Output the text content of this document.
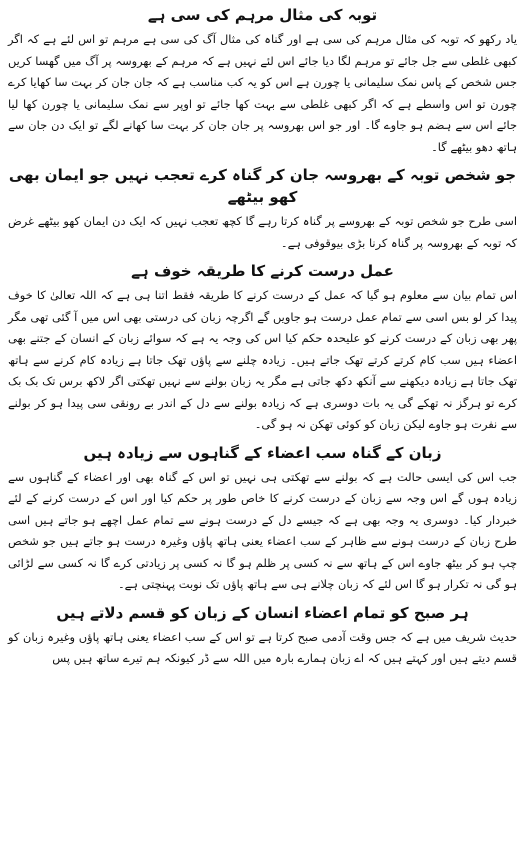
توبہ کی مثال مرہم کی سی ہے

یاد رکھو کہ توبہ کی مثال مرہم کی سی ہے اور گناہ کی مثال آگ کی سی ہے مرہم تو اس لئے ہے کہ اگر کبھی غلطی سے جل جائے تو مرہم لگا دیا جائے اس لئے نہیں ہے کہ مرہم کے بھروسہ پر آگ میں گھسا کریں جس شخص کے پاس نمک سلیمانی یا چورن ہے اس کو یہ کب مناسب ہے کہ جان جان کر بہت سا کھایا کرے چورن تو اس واسطے ہے کہ اگر کبھی غلطی سے بہت کھا جائے تو اوپر سے نمک سلیمانی یا چورن کھا لیا جائے اس سے ہضم ہو جاوے گا۔ اور جو اس بھروسہ پر جان جان کر بہت سا کھانے لگے تو ایک دن جان سے ہاتھ دھو بیٹھے گا۔

جو شخص توبہ کے بھروسہ جان کر گناہ کرے تعجب نہیں جو ایمان بھی کھو بیٹھے

اسی طرح جو شخص توبہ کے بھروسے پر گناہ کرتا رہے گا کچھ تعجب نہیں کہ ایک دن ایمان کھو بیٹھے غرض کہ توبہ کے بھروسہ پر گناہ کرنا بڑی بیوقوفی ہے۔

عمل درست کرنے کا طریقہ خوف ہے

اس تمام بیان سے معلوم ہو گیا کہ عمل کے درست کرنے کا طریقہ فقط اتنا ہی ہے کہ اللہ تعالیٰ کا خوف پیدا کر لو بس اسی سے تمام عمل درست ہو جاویں گے اگرچہ زبان کی درستی بھی اس میں آ گئی تھی مگر پھر بھی زبان کے درست کرنے کو علیحدہ حکم کیا اس کی وجہ یہ ہے کہ سوائے زبان کے انسان کے جتنے بھی اعضاء ہیں سب کام کرتے کرتے تھک جاتے ہیں۔ زیادہ چلنے سے پاؤں تھک جاتا ہے زیادہ کام کرنے سے ہاتھ تھک جاتا ہے زیادہ دیکھنے سے آنکھ دکھ جاتی ہے مگر یہ زبان بولنے سے نہیں تھکتی اگر لاکھ برس تک بک بک کرے تو ہرگز نہ تھکے گی یہ بات دوسری ہے کہ زیادہ بولنے سے دل کے اندر بے رونقی سی پیدا ہو کر بولنے سے نفرت ہو جاوے لیکن زبان کو کوئی تھکن نہ ہو گی۔

زبان کے گناہ سب اعضاء کے گناہوں سے زیادہ ہیں

جب اس کی ایسی حالت ہے کہ بولنے سے تھکتی ہی نہیں تو اس کے گناہ بھی اور اعضاء کے گناہوں سے زیادہ ہوں گے اس وجہ سے زبان کے درست کرنے کا خاص طور پر حکم کیا اور اس کے درست کرنے کے لئے خبردار کیا۔ دوسری یہ وجہ بھی ہے کہ جیسے دل کے درست ہونے سے تمام عمل اچھے ہو جاتے ہیں اسی طرح زبان کے درست ہونے سے ظاہر کے سب اعضاء یعنی ہاتھ پاؤں وغیرہ درست ہو جاتے ہیں جو شخص چپ ہو کر بیٹھ جاوے اس کے ہاتھ سے نہ کسی پر ظلم ہو گا نہ کسی پر زیادتی کرے گا نہ کسی سے لڑائی ہو گی نہ تکرار ہو گا اس لئے کہ زبان چلانے ہی سے ہاتھ پاؤں تک نوبت پہنچتی ہے۔

ہر صبح کو تمام اعضاء انسان کے زبان کو قسم دلاتے ہیں

حدیث شریف میں ہے کہ جس وقت آدمی صبح کرتا ہے تو اس کے سب اعضاء یعنی ہاتھ پاؤں وغیرہ زبان کو قسم دیتے ہیں اور کہتے ہیں کہ اے زبان ہمارے بارہ میں اللہ سے ڈر کیونکہ ہم تیرے ساتھ ہیں پس
